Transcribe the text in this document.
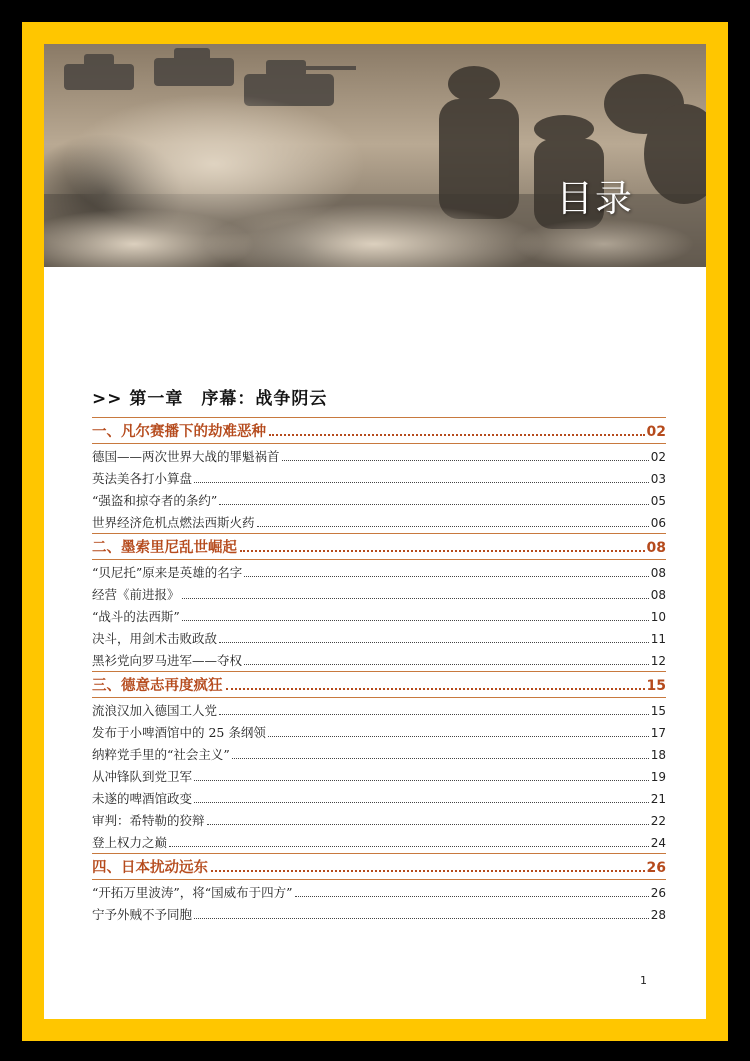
目录
>> 第一章　序幕：战争阴云
一、凡尔赛播下的劫难恶种	02
德国——两次世界大战的罪魁祸首	02
英法美各打小算盘	03
“强盗和掠夺者的条约”	05
世界经济危机点燃法西斯火药	06
二、墨索里尼乱世崛起	08
“贝尼托”原来是英雄的名字	08
经营《前进报》	08
“战斗的法西斯”	10
决斗，用剑术击败政敌	11
黑衫党向罗马进军——夺权	12
三、德意志再度疯狂	15
流浪汉加入德国工人党	15
发布于小啤酒馆中的 25 条纲领	17
纳粹党手里的“社会主义”	18
从冲锋队到党卫军	19
未遂的啤酒馆政变	21
审判：希特勒的狡辩	22
登上权力之巅	24
四、日本扰动远东	26
“开拓万里波涛”，将“国威布于四方”	26
宁予外贼不予同胞	28
1
